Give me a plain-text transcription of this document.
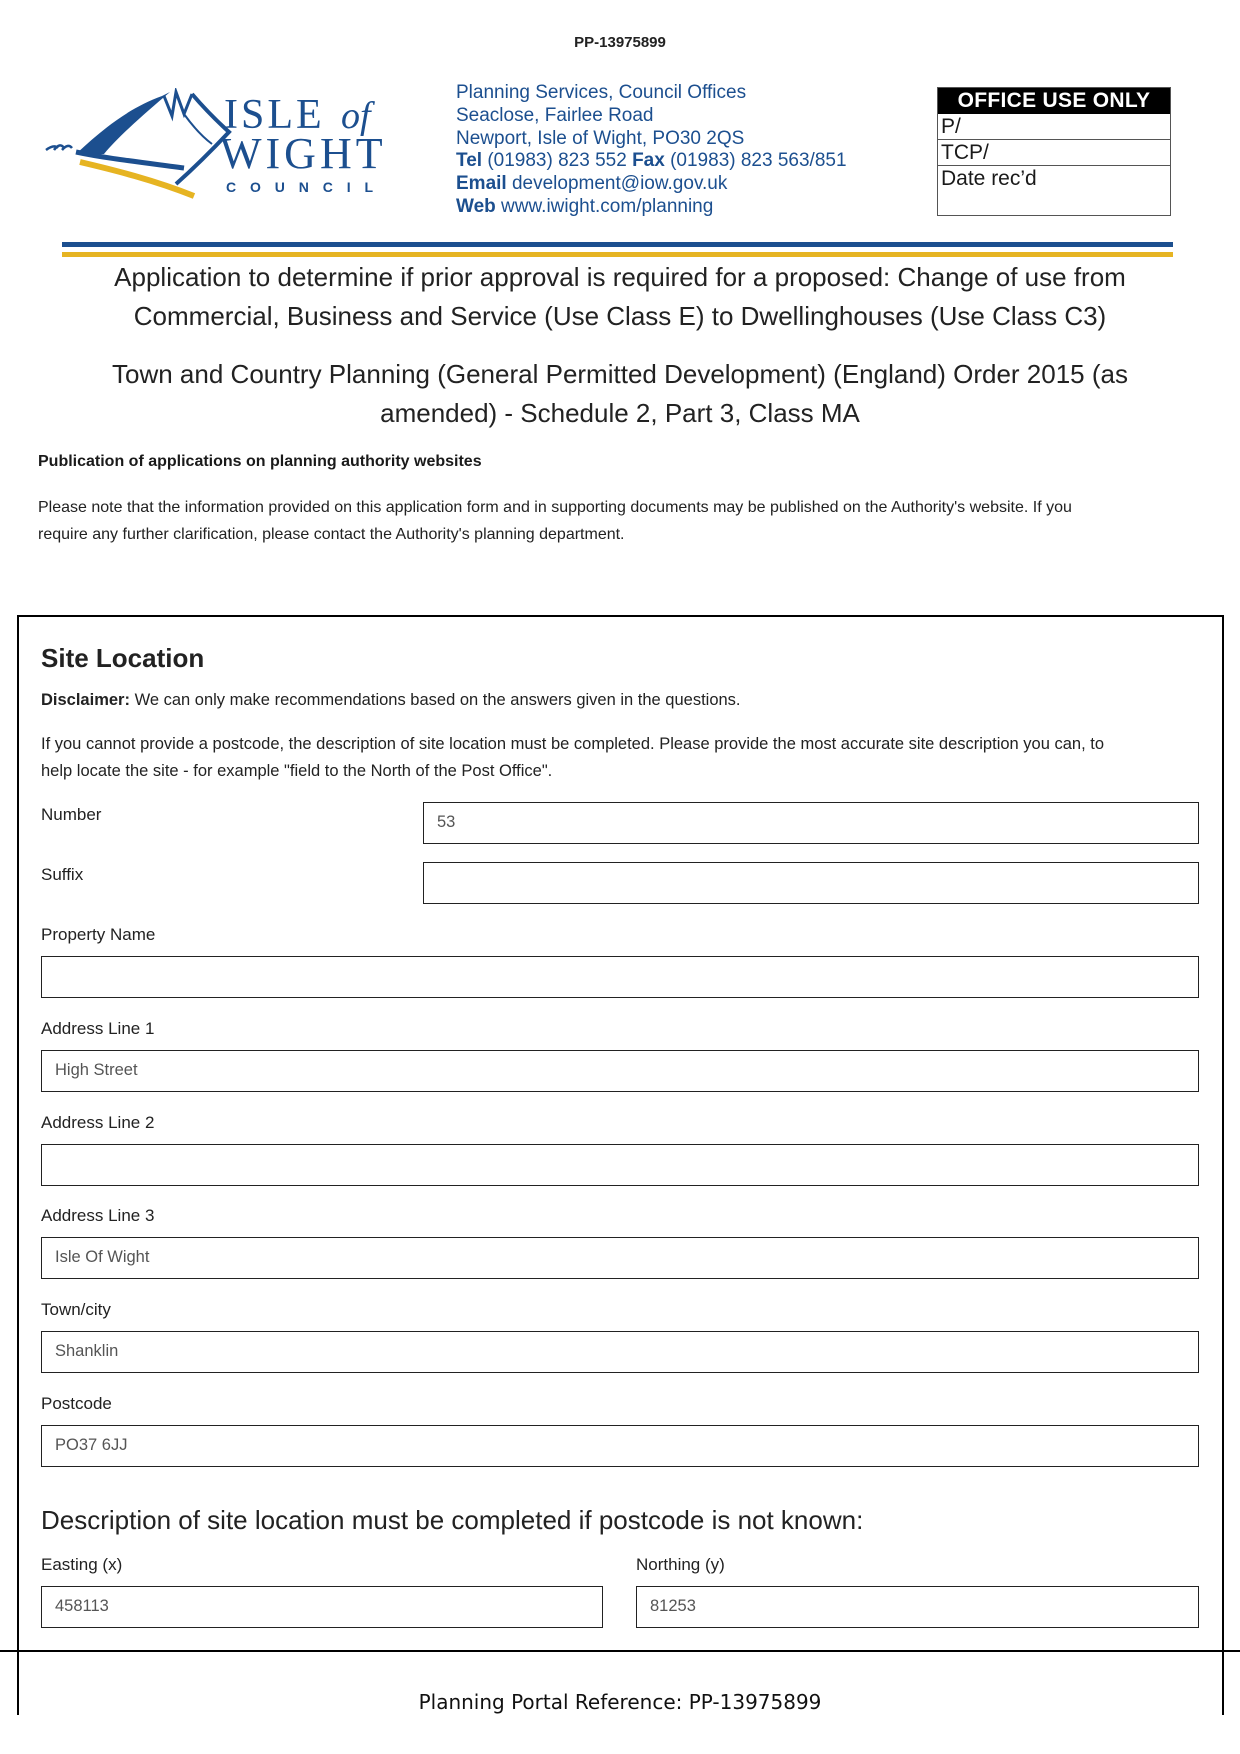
PP-13975899
ISLE of
WIGHT
C O U N C I L
Planning Services, Council Offices
Seaclose, Fairlee Road
Newport, Isle of Wight, PO30 2QS
Tel (01983) 823 552 Fax (01983) 823 563/851
Email development@iow.gov.uk
Web www.iwight.com/planning
OFFICE USE ONLY
P/
TCP/
Date rec’d
Application to determine if prior approval is required for a proposed: Change of use from
Commercial, Business and Service (Use Class E) to Dwellinghouses (Use Class C3)
Town and Country Planning (General Permitted Development) (England) Order 2015 (as
amended) - Schedule 2, Part 3, Class MA
Publication of applications on planning authority websites
Please note that the information provided on this application form and in supporting documents may be published on the Authority's website. If you
require any further clarification, please contact the Authority's planning department.
Site Location
Disclaimer: We can only make recommendations based on the answers given in the questions.
If you cannot provide a postcode, the description of site location must be completed. Please provide the most accurate site description you can, to
help locate the site - for example "field to the North of the Post Office".
Number	53
Suffix
Property Name
Address Line 1
High Street
Address Line 2
Address Line 3
Isle Of Wight
Town/city
Shanklin
Postcode
PO37 6JJ
Description of site location must be completed if postcode is not known:
Easting (x)
458113
Northing (y)
81253
Planning Portal Reference: PP-13975899
